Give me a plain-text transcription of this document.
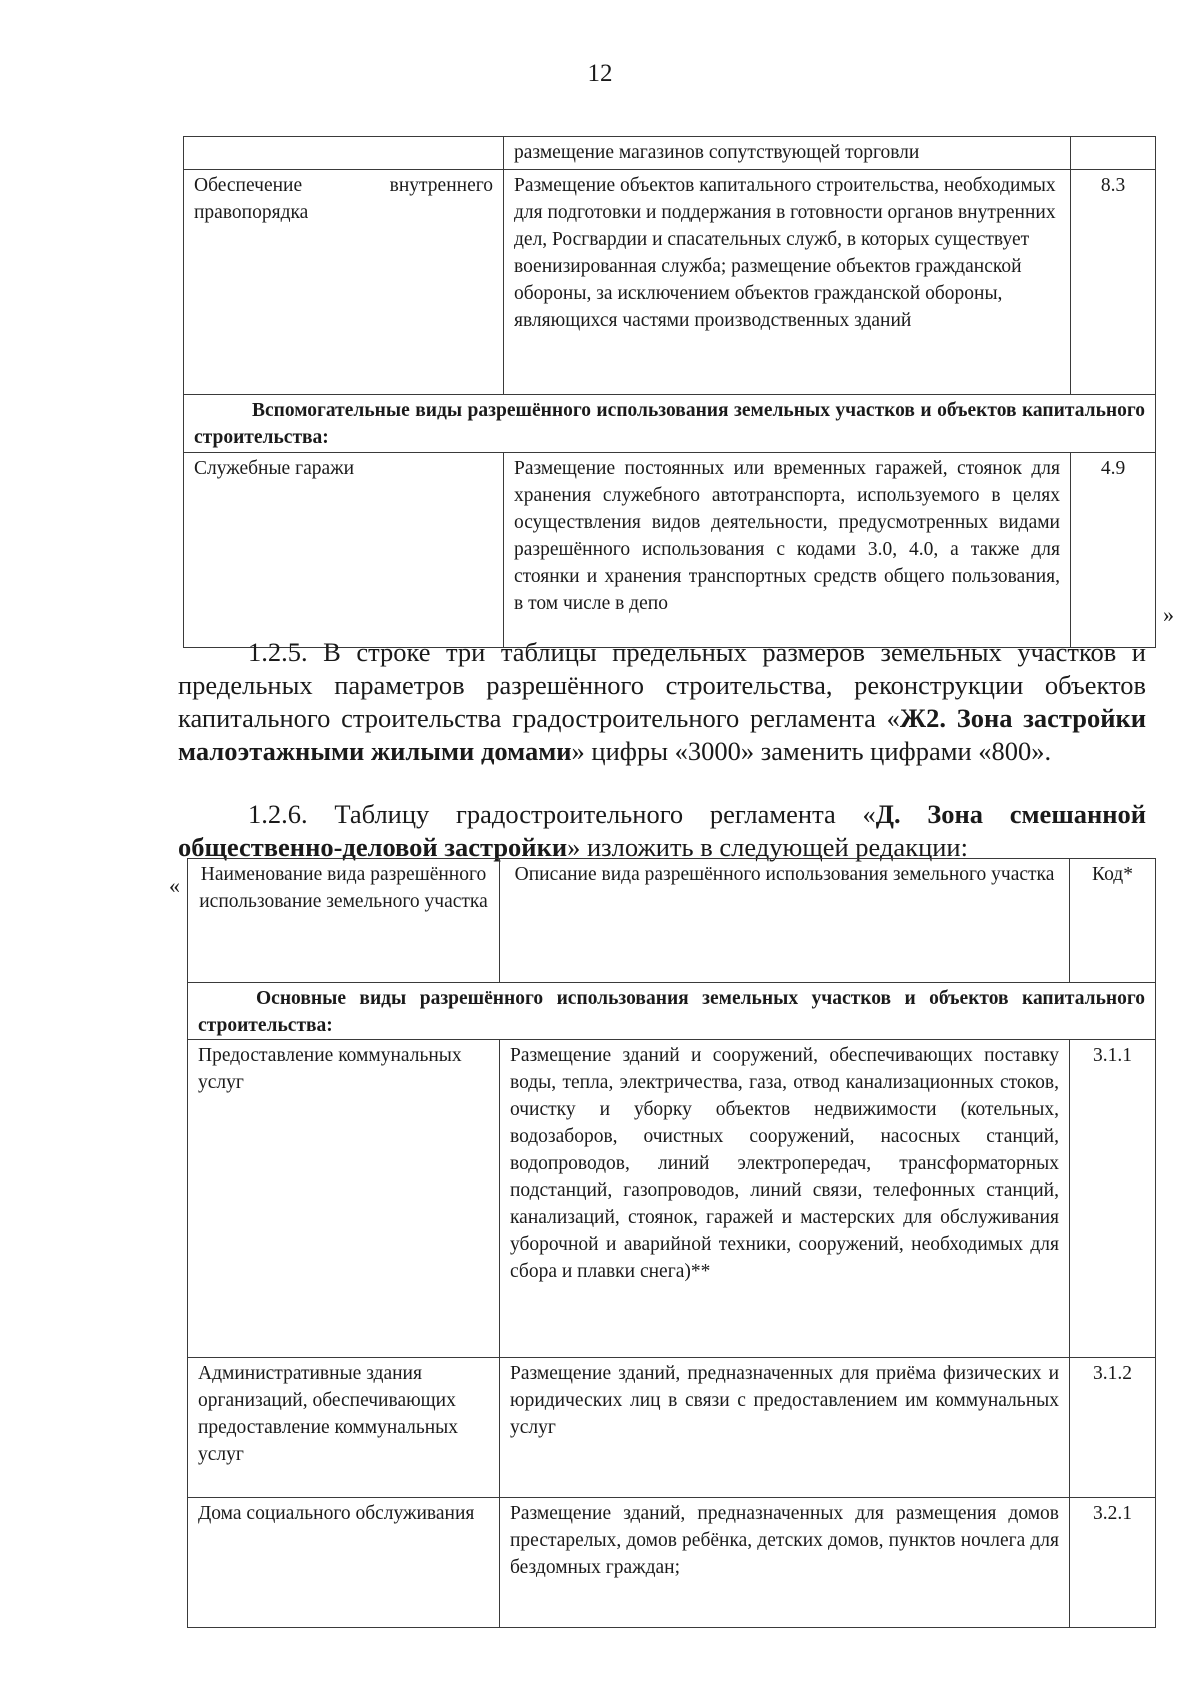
12
	размещение магазинов сопутствующей торговли	
Обеспечение внутреннего правопорядка	Размещение объектов капитального строительства, необходимых для подготовки и поддержания в готовности органов внутренних дел, Росгвардии и спасательных служб, в которых существует военизированная служба; размещение объектов гражданской обороны, за исключением объектов гражданской обороны, являющихся частями производственных зданий	8.3
Вспомогательные виды разрешённого использования земельных участков и объектов капитального строительства:		
Служебные гаражи	Размещение постоянных или временных гаражей, стоянок для хранения служебного автотранспорта, используемого в целях осуществления видов деятельности, предусмотренных видами разрешённого использования с кодами 3.0, 4.0, а также для стоянки и хранения транспортных средств общего пользования, в том числе в депо	4.9
»

1.2.5. В строке три таблицы предельных размеров земельных участков и предельных параметров разрешённого строительства, реконструкции объектов капитального строительства градостроительного регламента «Ж2. Зона застройки малоэтажными жилыми домами» цифры «3000» заменить цифрами «800».

1.2.6. Таблицу градостроительного регламента «Д. Зона смешанной общественно-деловой застройки» изложить в следующей редакции:

« Наименование вида разрешённого использование земельного участка	Описание вида разрешённого использования земельного участка	Код*
Основные виды разрешённого использования земельных участков и объектов капитального строительства:		
Предоставление коммунальных услуг	Размещение зданий и сооружений, обеспечивающих поставку воды, тепла, электричества, газа, отвод канализационных стоков, очистку и уборку объектов недвижимости (котельных, водозаборов, очистных сооружений, насосных станций, водопроводов, линий электропередач, трансформаторных подстанций, газопроводов, линий связи, телефонных станций, канализаций, стоянок, гаражей и мастерских для обслуживания уборочной и аварийной техники, сооружений, необходимых для сбора и плавки снега)**	3.1.1
Административные здания организаций, обеспечивающих предоставление коммунальных услуг	Размещение зданий, предназначенных для приёма физических и юридических лиц в связи с предоставлением им коммунальных услуг	3.1.2
Дома социального обслуживания	Размещение зданий, предназначенных для размещения домов престарелых, домов ребёнка, детских домов, пунктов ночлега для бездомных граждан;	3.2.1
